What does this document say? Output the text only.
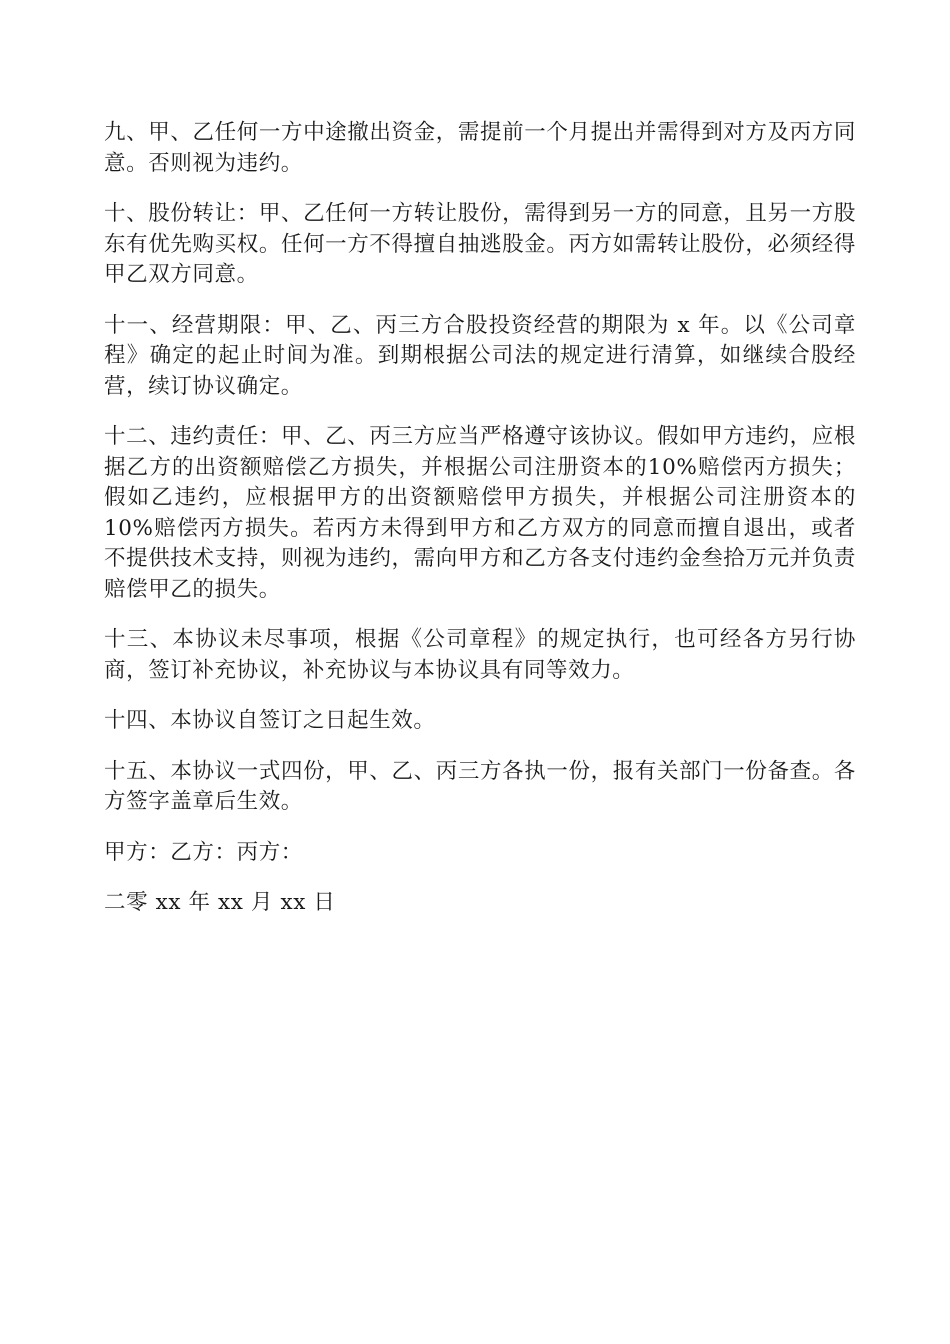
九、甲、乙任何一方中途撤出资金，需提前一个月提出并需得到对方及丙方同意。否则视为违约。

十、股份转让：甲、乙任何一方转让股份，需得到另一方的同意，且另一方股东有优先购买权。任何一方不得擅自抽逃股金。丙方如需转让股份，必须经得甲乙双方同意。

十一、经营期限：甲、乙、丙三方合股投资经营的期限为 x 年。以《公司章程》确定的起止时间为准。到期根据公司法的规定进行清算，如继续合股经营，续订协议确定。

十二、违约责任：甲、乙、丙三方应当严格遵守该协议。假如甲方违约，应根据乙方的出资额赔偿乙方损失，并根据公司注册资本的10%赔偿丙方损失；假如乙违约，应根据甲方的出资额赔偿甲方损失，并根据公司注册资本的 10%赔偿丙方损失。若丙方未得到甲方和乙方双方的同意而擅自退出，或者不提供技术支持，则视为违约，需向甲方和乙方各支付违约金叁拾万元并负责赔偿甲乙的损失。

十三、本协议未尽事项，根据《公司章程》的规定执行，也可经各方另行协商，签订补充协议，补充协议与本协议具有同等效力。

十四、本协议自签订之日起生效。

十五、本协议一式四份，甲、乙、丙三方各执一份，报有关部门一份备查。各方签字盖章后生效。

甲方：乙方：丙方：

二零 xx 年 xx 月 xx 日
